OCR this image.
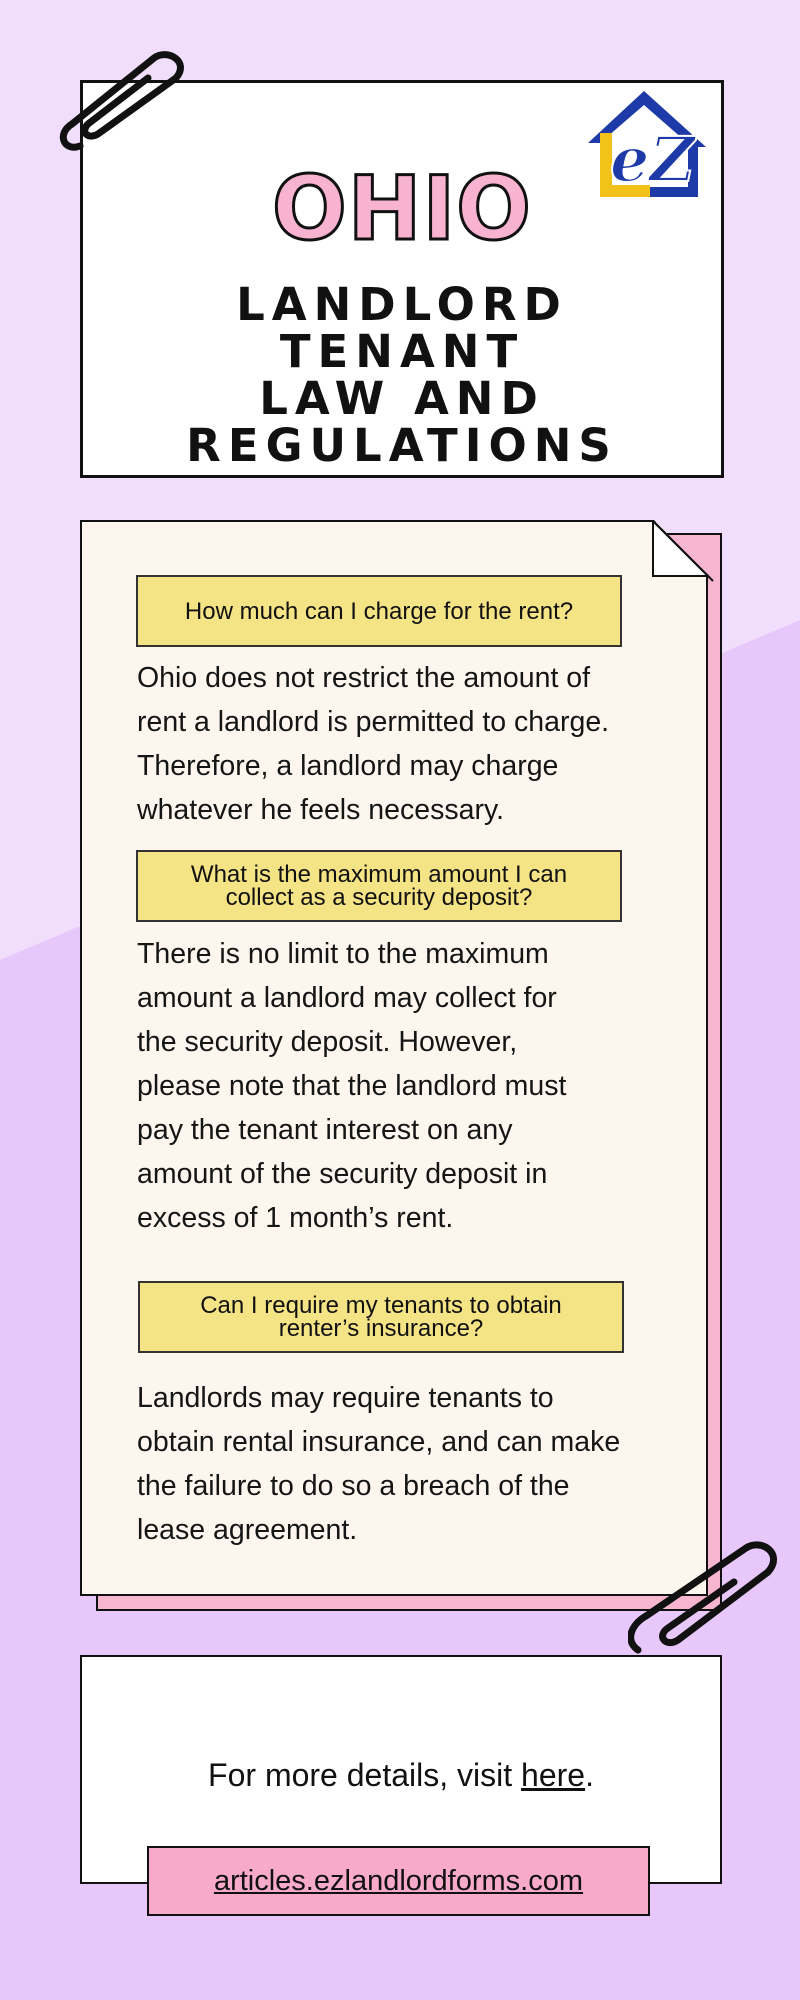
OHIO
LANDLORD TENANT
LAW AND
REGULATIONS
eZ
How much can I charge for the rent?
Ohio does not restrict the amount of
rent a landlord is permitted to charge.
Therefore, a landlord may charge
whatever he feels necessary.
What is the maximum amount I can collect as a security deposit?
There is no limit to the maximum
amount a landlord may collect for
the security deposit. However,
please note that the landlord must
pay the tenant interest on any
amount of the security deposit in
excess of 1 month’s rent.
Can I require my tenants to obtain renter’s insurance?
Landlords may require tenants to
obtain rental insurance, and can make
the failure to do so a breach of the
lease agreement.
For more details, visit here.
articles.ezlandlordforms.com
